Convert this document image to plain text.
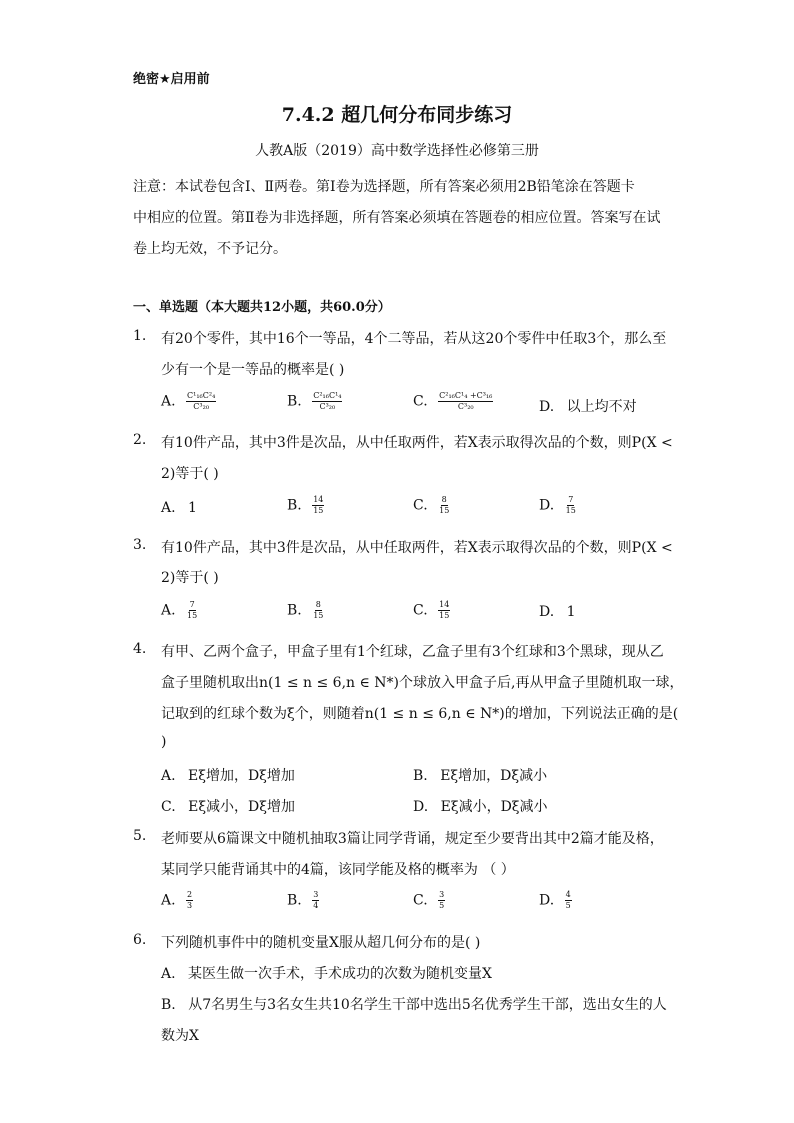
绝密★启用前
7.4.2 超几何分布同步练习
人教A版（2019）高中数学选择性必修第三册
注意：本试卷包含Ⅰ、Ⅱ两卷。第Ⅰ卷为选择题，所有答案必须用2B铅笔涂在答题卡
中相应的位置。第Ⅱ卷为非选择题，所有答案必须填在答题卷的相应位置。答案写在试
卷上均无效，不予记分。
一、单选题（本大题共12小题，共60.0分）
1. 有20个零件，其中16个一等品，4个二等品，若从这20个零件中任取3个，那么至
少有一个是一等品的概率是( )
A. $\frac{\text{C¹₁₆C²₄}}{\text{C³₂₀}}$	B. $\frac{\text{C²₁₆C¹₄}}{\text{C³₂₀}}$	C. $\frac{\text{C²₁₆C¹₄ +C³₁₆}}{\text{C³₂₀}}$	D. 以上均不对
2. 有10件产品，其中3件是次品，从中任取两件，若X表示取得次品的个数，则P(X <
2)等于( )
A. 1	B. $\frac{14}{15}$	C. $\frac{8}{15}$	D. $\frac{7}{15}$
3. 有10件产品，其中3件是次品，从中任取两件，若X表示取得次品的个数，则P(X <
2)等于( )
A. $\frac{7}{15}$	B. $\frac{8}{15}$	C. $\frac{14}{15}$	D. 1
4. 有甲、乙两个盒子，甲盒子里有1个红球，乙盒子里有3个红球和3个黑球，现从乙
盒子里随机取出n(1 ≤ n ≤ 6,n ∈ N*)个球放入甲盒子后,再从甲盒子里随机取一球，
记取到的红球个数为ξ个，则随着n(1 ≤ n ≤ 6,n ∈ N*)的增加，下列说法正确的是(
)
A. Eξ增加，Dξ增加	B. Eξ增加，Dξ减小
C. Eξ减小，Dξ增加	D. Eξ减小，Dξ减小
5. 老师要从6篇课文中随机抽取3篇让同学背诵，规定至少要背出其中2篇才能及格，
某同学只能背诵其中的4篇，该同学能及格的概率为 （ ）
A. $\frac{2}{3}$	B. $\frac{3}{4}$	C. $\frac{3}{5}$	D. $\frac{4}{5}$
6. 下列随机事件中的随机变量X服从超几何分布的是( )
A. 某医生做一次手术，手术成功的次数为随机变量X
B. 从7名男生与3名女生共10名学生干部中选出5名优秀学生干部，选出女生的人
数为X
